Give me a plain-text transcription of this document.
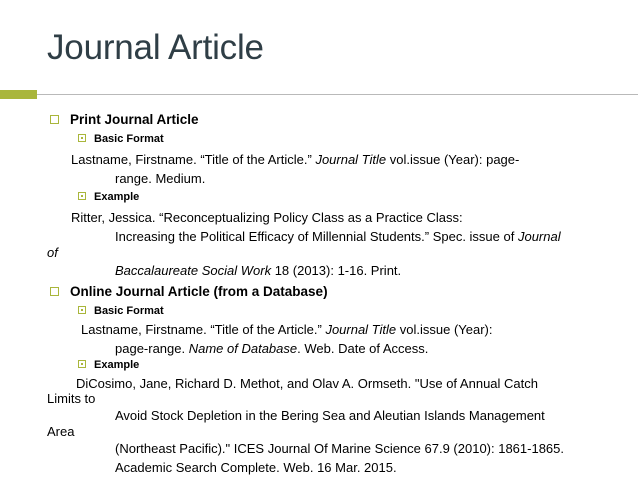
Journal Article
Print Journal Article
Basic Format
Lastname, Firstname. “Title of the Article.” Journal Title vol.issue (Year): page-
range. Medium.
Example
Ritter, Jessica. “Reconceptualizing Policy Class as a Practice Class:
Increasing the Political Efficacy of Millennial Students.” Spec. issue of Journal
of
Baccalaureate Social Work 18 (2013): 1-16. Print.
Online Journal Article (from a Database)
Basic Format
Lastname, Firstname. “Title of the Article.” Journal Title vol.issue (Year):
page-range. Name of Database. Web. Date of Access.
Example
DiCosimo, Jane, Richard D. Methot, and Olav A. Ormseth. "Use of Annual Catch
Limits to
Avoid Stock Depletion in the Bering Sea and Aleutian Islands Management
Area
(Northeast Pacific)." ICES Journal Of Marine Science 67.9 (2010): 1861-1865.
Academic Search Complete. Web. 16 Mar. 2015.
